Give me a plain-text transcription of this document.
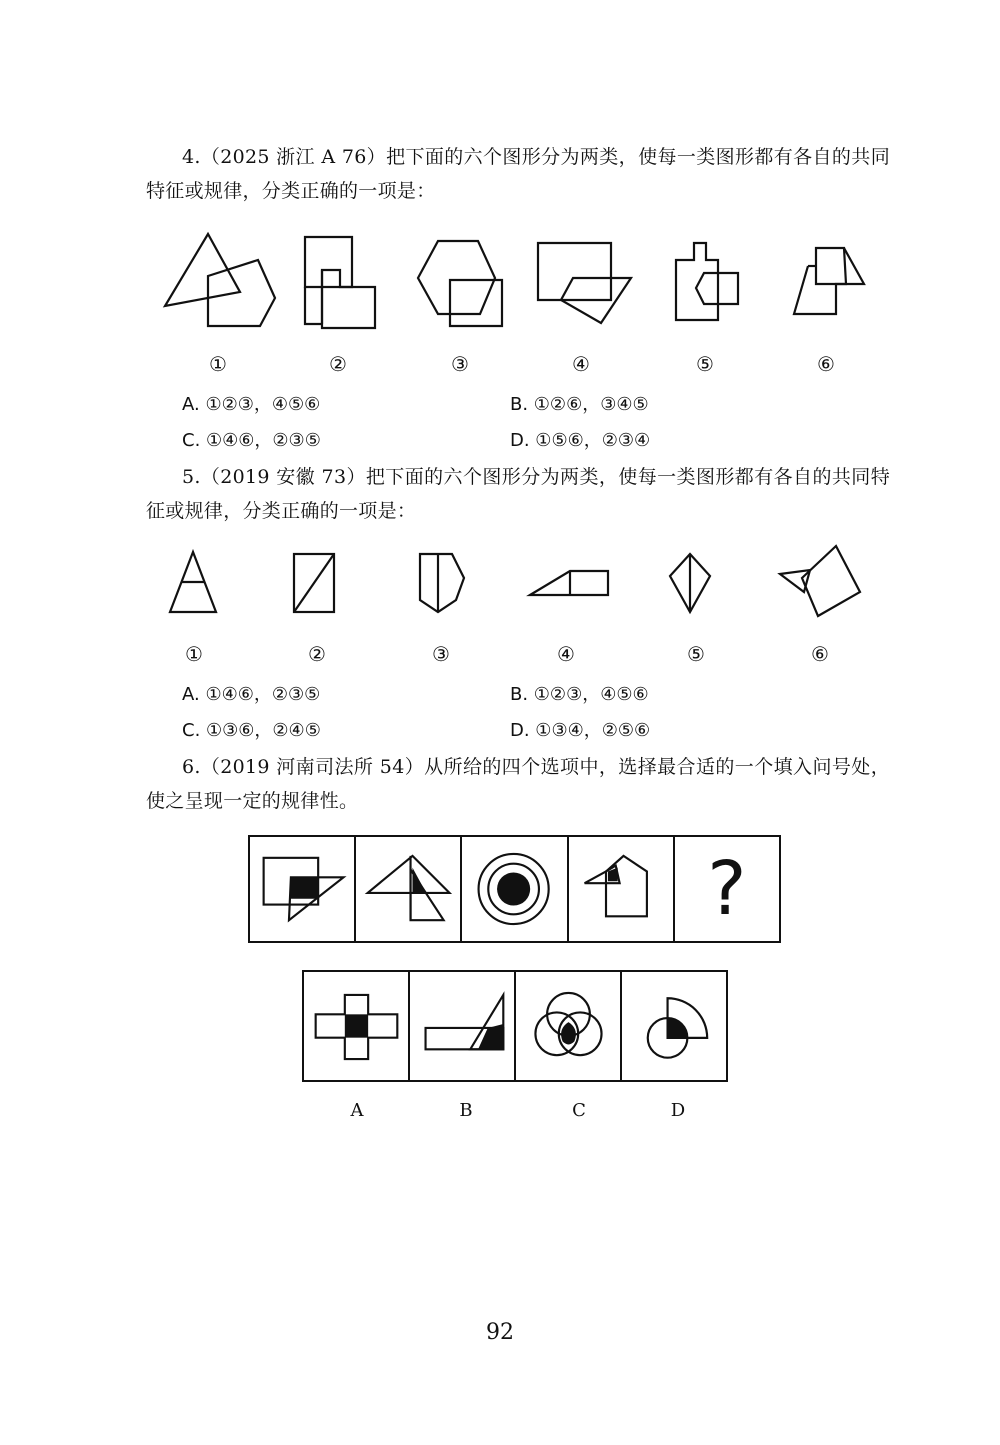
4.（2025 浙江 A 76）把下面的六个图形分为两类，使每一类图形都有各自的共同特征或规律，分类正确的一项是：

①	②	③	④	⑤	⑥
A. ①②③，④⑤⑥	B. ①②⑥，③④⑤
C. ①④⑥，②③⑤	D. ①⑤⑥，②③④

5.（2019 安徽 73）把下面的六个图形分为两类，使每一类图形都有各自的共同特征或规律，分类正确的一项是：

①	②	③	④	⑤	⑥
A. ①④⑥，②③⑤	B. ①②③，④⑤⑥
C. ①③⑥，②④⑤	D. ①③④，②⑤⑥

6.（2019 河南司法所 54）从所给的四个选项中，选择最合适的一个填入问号处，使之呈现一定的规律性。

?
A	B	C	D
92
